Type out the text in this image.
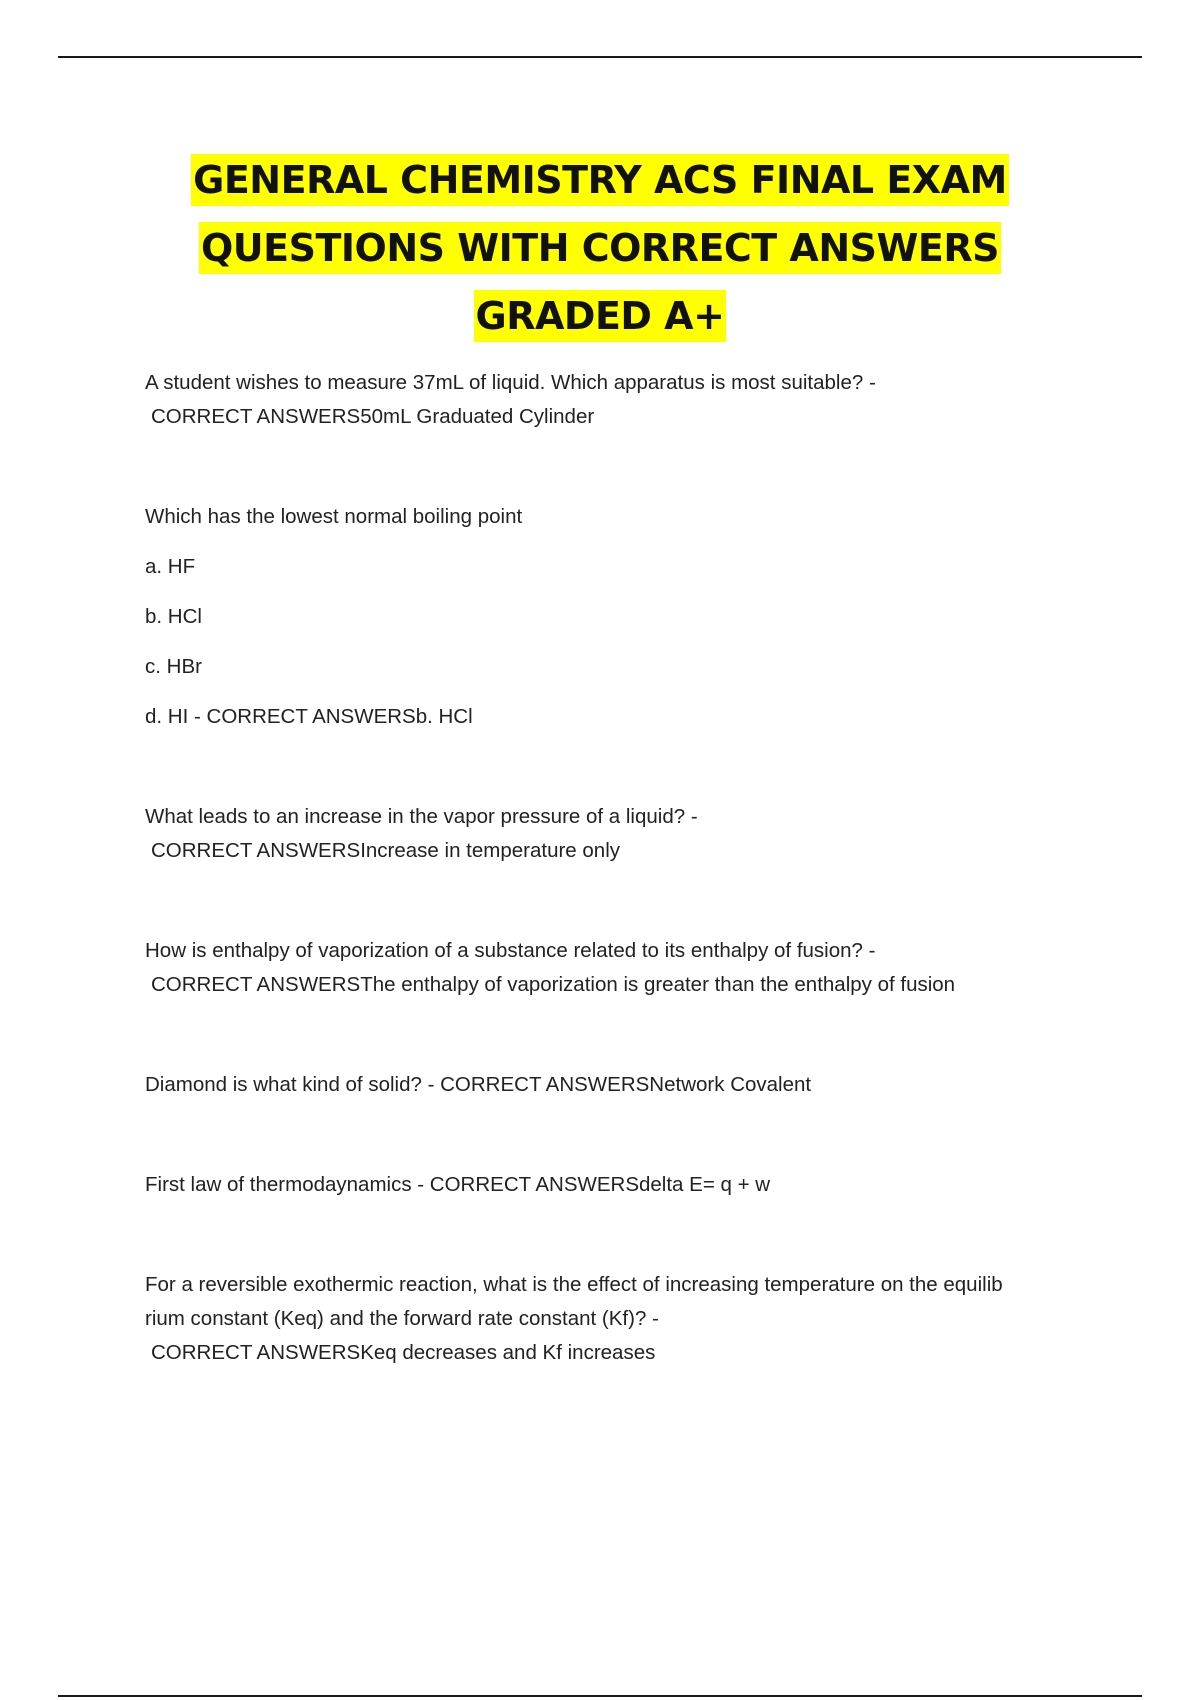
GENERAL CHEMISTRY ACS FINAL EXAM
QUESTIONS WITH CORRECT ANSWERS
GRADED A+
A student wishes to measure 37mL of liquid. Which apparatus is most suitable? -
CORRECT ANSWERS50mL Graduated Cylinder
Which has the lowest normal boiling point
a. HF
b. HCl
c. HBr
d. HI - CORRECT ANSWERSb. HCl
What leads to an increase in the vapor pressure of a liquid? -
CORRECT ANSWERSIncrease in temperature only
How is enthalpy of vaporization of a substance related to its enthalpy of fusion? -
CORRECT ANSWERSThe enthalpy of vaporization is greater than the enthalpy of fusion
Diamond is what kind of solid? - CORRECT ANSWERSNetwork Covalent
First law of thermodaynamics - CORRECT ANSWERSdelta E= q + w
For a reversible exothermic reaction, what is the effect of increasing temperature on the equilib
rium constant (Keq) and the forward rate constant (Kf)? -
CORRECT ANSWERSKeq decreases and Kf increases
